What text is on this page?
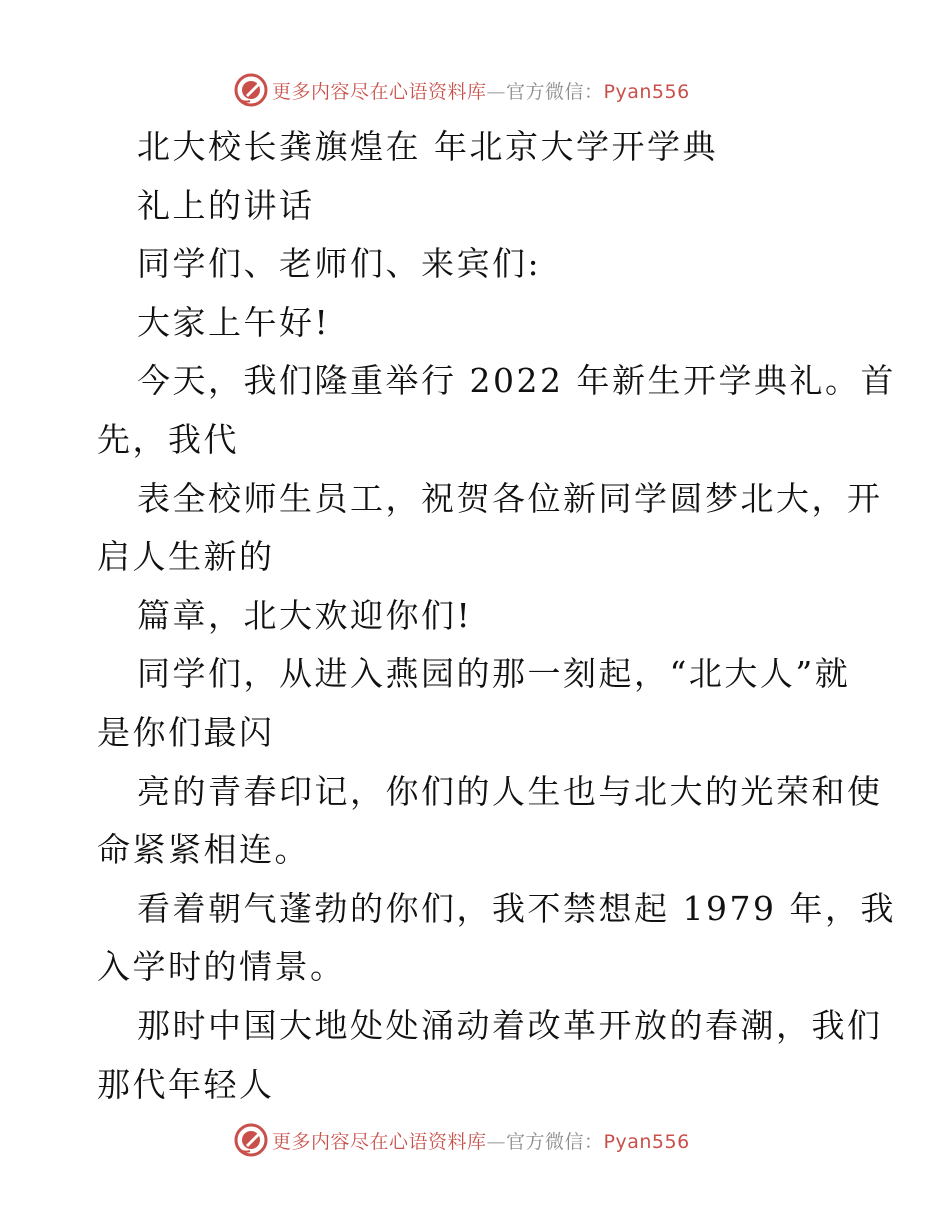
更多内容尽在心语资料库—官方微信：Pyan556
北大校长龚旗煌在 年北京大学开学典
礼上的讲话
同学们、老师们、来宾们:
大家上午好!
今天，我们隆重举行 2022 年新生开学典礼。首
先，我代
表全校师生员工，祝贺各位新同学圆梦北大，开
启人生新的
篇章，北大欢迎你们!
同学们，从进入燕园的那一刻起，“北大人”就
是你们最闪
亮的青春印记，你们的人生也与北大的光荣和使
命紧紧相连。
看着朝气蓬勃的你们，我不禁想起 1979 年，我
入学时的情景。
那时中国大地处处涌动着改革开放的春潮，我们
那代年轻人
更多内容尽在心语资料库—官方微信：Pyan556
